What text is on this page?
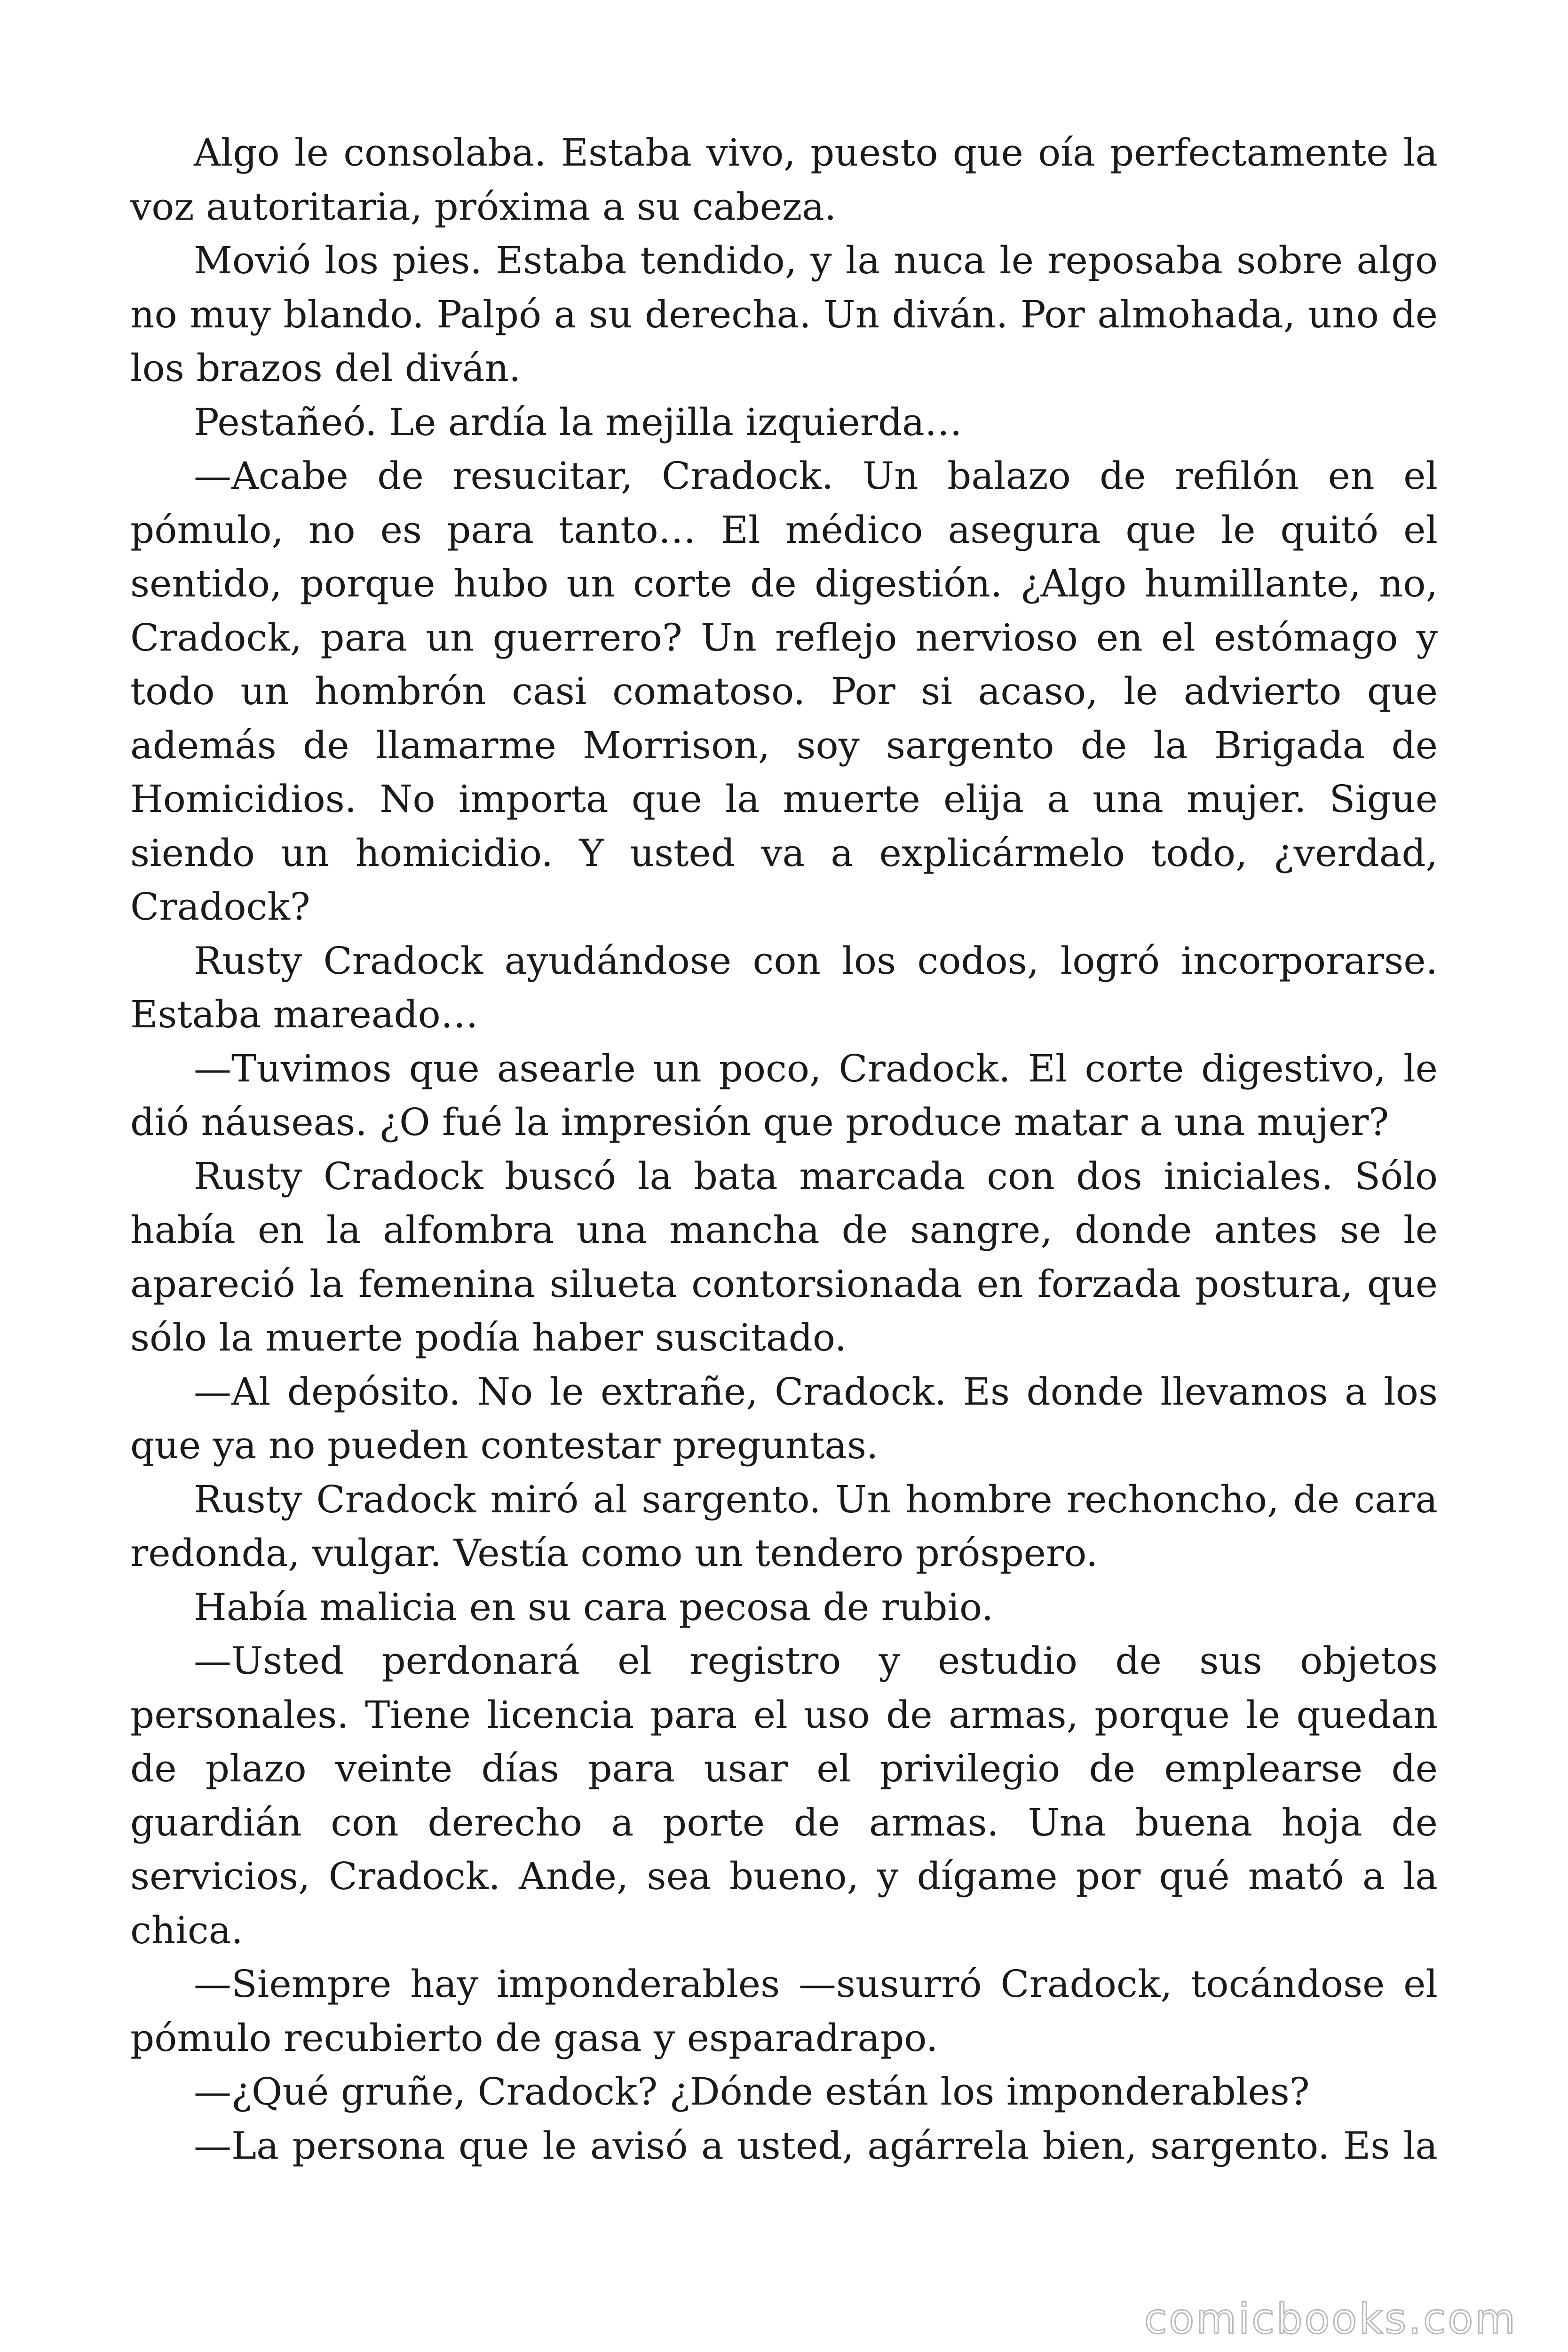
Algo le consolaba. Estaba vivo, puesto que oía perfectamente la voz autoritaria, próxima a su cabeza.

Movió los pies. Estaba tendido, y la nuca le reposaba sobre algo no muy blando. Palpó a su derecha. Un diván. Por almohada, uno de los brazos del diván.

Pestañeó. Le ardía la mejilla izquierda…

—Acabe de resucitar, Cradock. Un balazo de refilón en el pómulo, no es para tanto… El médico asegura que le quitó el sentido, porque hubo un corte de digestión. ¿Algo humillante, no, Cradock, para un guerrero? Un reflejo nervioso en el estómago y todo un hombrón casi comatoso. Por si acaso, le advierto que además de llamarme Morrison, soy sargento de la Brigada de Homicidios. No importa que la muerte elija a una mujer. Sigue siendo un homicidio. Y usted va a explicármelo todo, ¿verdad, Cradock?

Rusty Cradock ayudándose con los codos, logró incorporarse. Estaba mareado…

—Tuvimos que asearle un poco, Cradock. El corte digestivo, le dió náuseas. ¿O fué la impresión que produce matar a una mujer?

Rusty Cradock buscó la bata marcada con dos iniciales. Sólo había en la alfombra una mancha de sangre, donde antes se le apareció la femenina silueta contorsionada en forzada postura, que sólo la muerte podía haber suscitado.

—Al depósito. No le extrañe, Cradock. Es donde llevamos a los que ya no pueden contestar preguntas.

Rusty Cradock miró al sargento. Un hombre rechoncho, de cara redonda, vulgar. Vestía como un tendero próspero.

Había malicia en su cara pecosa de rubio.

—Usted perdonará el registro y estudio de sus objetos personales. Tiene licencia para el uso de armas, porque le quedan de plazo veinte días para usar el privilegio de emplearse de guardián con derecho a porte de armas. Una buena hoja de servicios, Cradock. Ande, sea bueno, y dígame por qué mató a la chica.

—Siempre hay imponderables —susurró Cradock, tocándose el pómulo recubierto de gasa y esparadrapo.

—¿Qué gruñe, Cradock? ¿Dónde están los imponderables?

—La persona que le avisó a usted, agárrela bien, sargento. Es la

comicbooks.com
